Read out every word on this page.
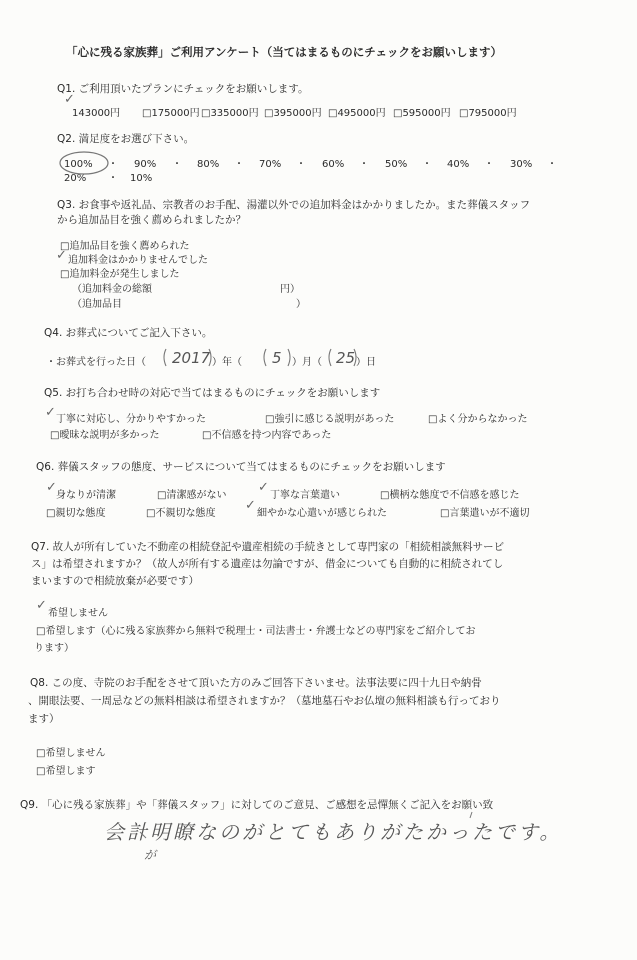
「心に残る家族葬」ご利用アンケート（当てはまるものにチェックをお願いします）
Q1. ご利用頂いたプランにチェックをお願いします。
✓
143000円 □175000円 □335000円 □395000円 □495000円 □595000円 □795000円
Q2. 満足度をお選び下さい。
100% ・ 90% ・ 80% ・ 70% ・ 60% ・ 50% ・ 40% ・ 30% ・
20% ・ 10%
Q3. お食事や返礼品、宗教者のお手配、湯灌以外での追加料金はかかりましたか。また葬儀スタッフ
から追加品目を強く薦められましたか？
□追加品目を強く薦められた
✓ 追加料金はかかりませんでした
□追加料金が発生しました
（追加料金の総額	円）
（追加品目	）
Q4. お葬式についてご記入下さい。
・お葬式を行った日（ 2017 ）年（ 5 ）月（ 25 ）日
Q5. お打ち合わせ時の対応で当てはまるものにチェックをお願いします
✓ 丁寧に対応し、分かりやすかった	□強引に感じる説明があった	□よく分からなかった
□曖昧な説明が多かった	□不信感を持つ内容であった
Q6. 葬儀スタッフの態度、サービスについて当てはまるものにチェックをお願いします
✓
身なりが清潔	□清潔感がない
✓
丁寧な言葉遣い	□横柄な態度で不信感を感じた
□親切な態度	□不親切な態度
✓
細やかな心遣いが感じられた	□言葉遣いが不適切
Q7. 故人が所有していた不動産の相続登記や遺産相続の手続きとして専門家の「相続相談無料サービ
ス」は希望されますか？（故人が所有する遺産は勿論ですが、借金についても自動的に相続されてし
まいますので相続放棄が必要です）
✓
希望しません
□希望します（心に残る家族葬から無料で税理士・司法書士・弁護士などの専門家をご紹介してお
ります）
Q8. この度、寺院のお手配をさせて頂いた方のみご回答下さいませ。法事法要に四十九日や納骨
、開眼法要、一周忌などの無料相談は希望されますか？（墓地墓石やお仏壇の無料相談も行っており
ます）
□希望しません
□希望します
Q9. 「心に残る家族葬」や「葬儀スタッフ」に対してのご意見、ご感想を忌憚無くご記入をお願い致
会計明瞭なのがとてもありがたかったです。
が
